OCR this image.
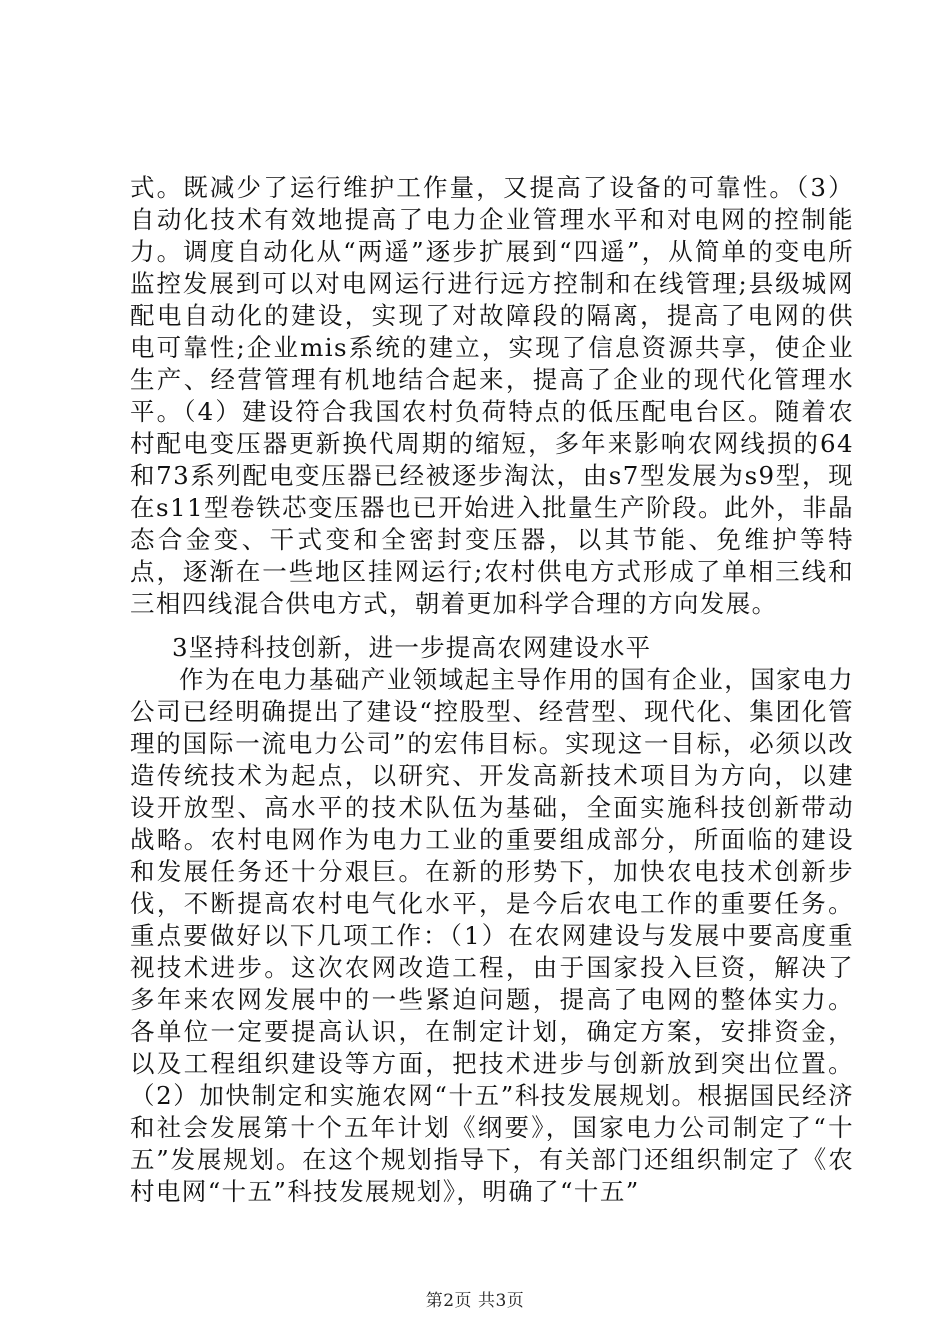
式。既减少了运行维护工作量，又提高了设备的可靠性。（3）自动化技术有效地提高了电力企业管理水平和对电网的控制能力。调度自动化从“两遥”逐步扩展到“四遥”，从简单的变电所监控发展到可以对电网运行进行远方控制和在线管理;县级城网配电自动化的建设，实现了对故障段的隔离，提高了电网的供电可靠性;企业mis系统的建立，实现了信息资源共享，使企业生产、经营管理有机地结合起来，提高了企业的现代化管理水平。（4）建设符合我国农村负荷特点的低压配电台区。随着农村配电变压器更新换代周期的缩短，多年来影响农网线损的64和73系列配电变压器已经被逐步淘汰，由s7型发展为s9型，现在s11型卷铁芯变压器也已开始进入批量生产阶段。此外，非晶态合金变、干式变和全密封变压器，以其节能、免维护等特点，逐渐在一些地区挂网运行;农村供电方式形成了单相三线和三相四线混合供电方式，朝着更加科学合理的方向发展。

3坚持科技创新，进一步提高农网建设水平

作为在电力基础产业领域起主导作用的国有企业，国家电力公司已经明确提出了建设“控股型、经营型、现代化、集团化管理的国际一流电力公司”的宏伟目标。实现这一目标，必须以改造传统技术为起点，以研究、开发高新技术项目为方向，以建设开放型、高水平的技术队伍为基础，全面实施科技创新带动战略。农村电网作为电力工业的重要组成部分，所面临的建设和发展任务还十分艰巨。在新的形势下，加快农电技术创新步伐，不断提高农村电气化水平，是今后农电工作的重要任务。重点要做好以下几项工作：（1）在农网建设与发展中要高度重视技术进步。这次农网改造工程，由于国家投入巨资，解决了多年来农网发展中的一些紧迫问题，提高了电网的整体实力。各单位一定要提高认识，在制定计划，确定方案，安排资金，以及工程组织建设等方面，把技术进步与创新放到突出位置。（2）加快制定和实施农网“十五”科技发展规划。根据国民经济和社会发展第十个五年计划《纲要》，国家电力公司制定了“十五”发展规划。在这个规划指导下，有关部门还组织制定了《农村电网“十五”科技发展规划》，明确了“十五”

第2页 共3页
